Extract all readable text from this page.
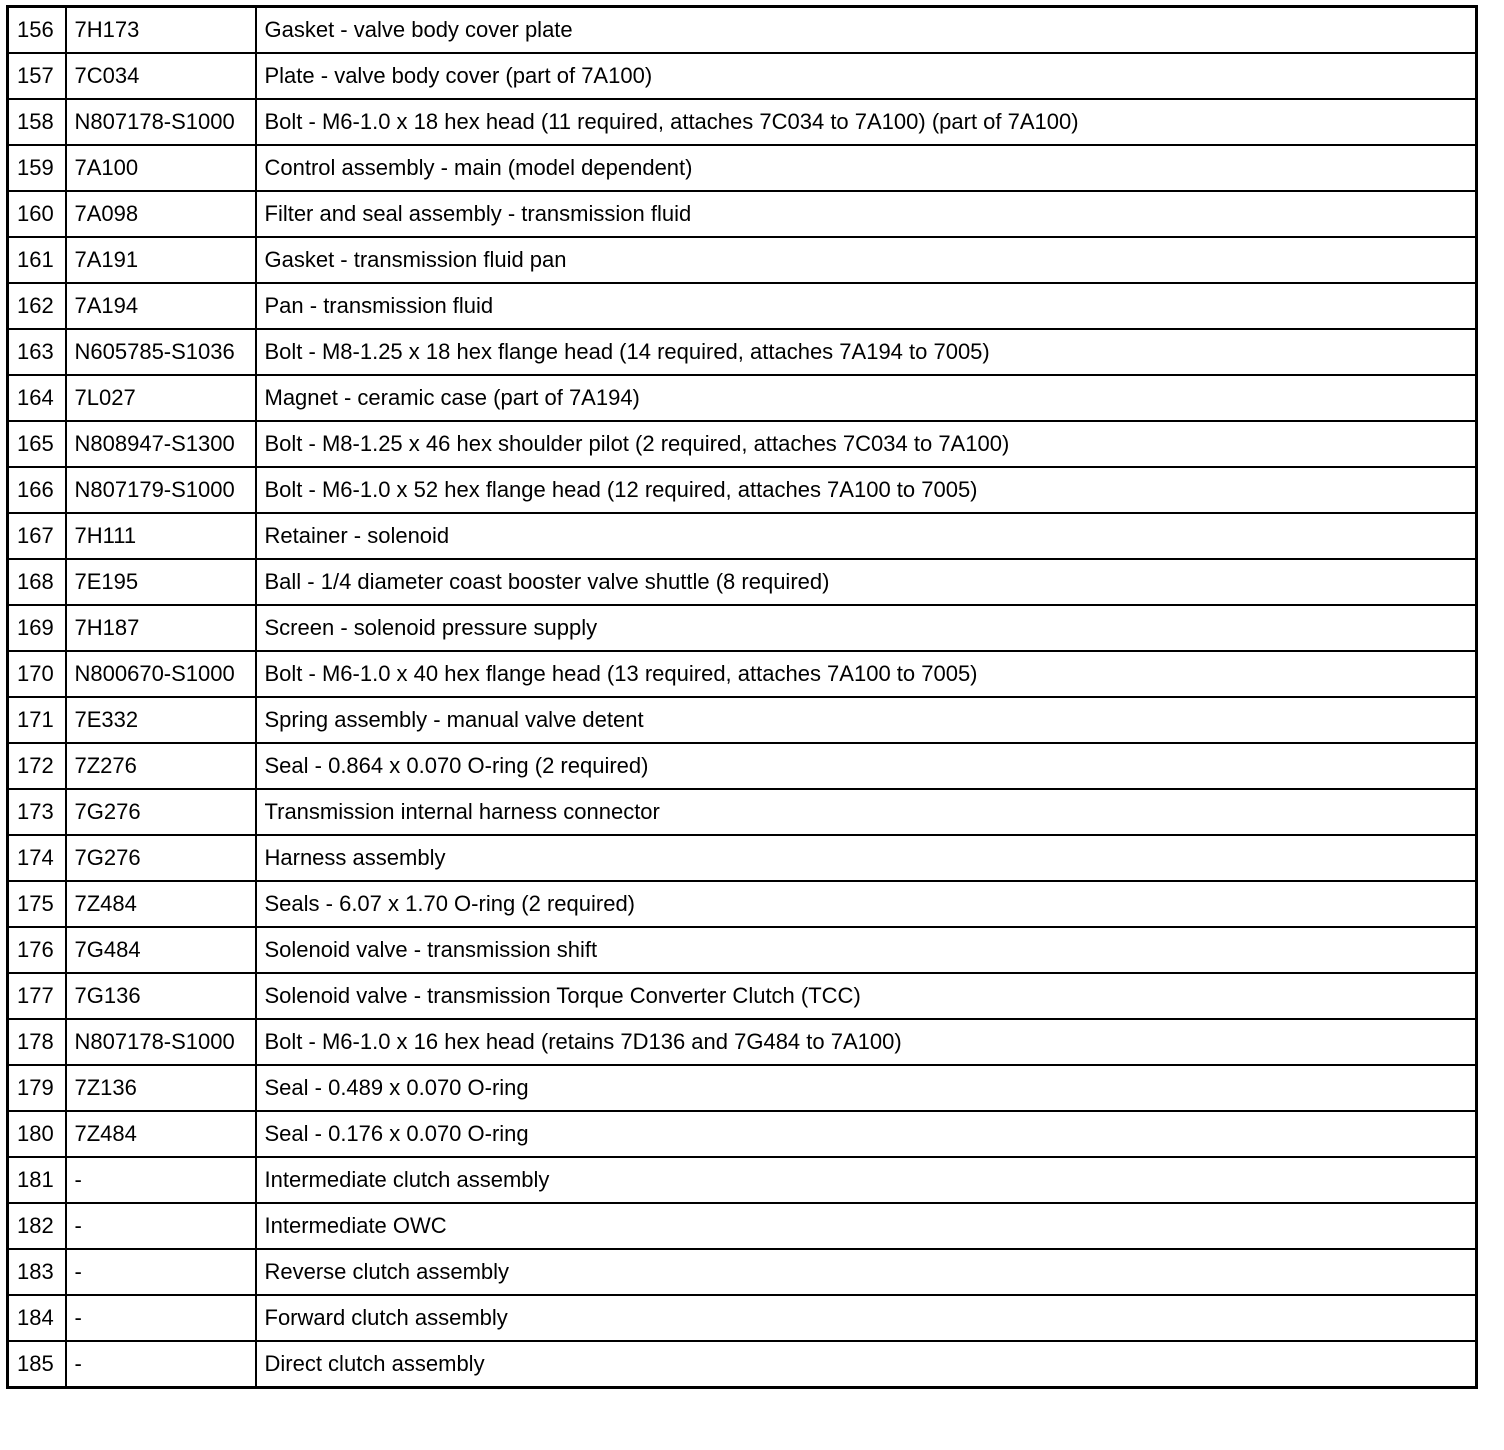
156	7H173	Gasket - valve body cover plate
157	7C034	Plate - valve body cover (part of 7A100)
158	N807178-S1000	Bolt - M6-1.0 x 18 hex head (11 required, attaches 7C034 to 7A100) (part of 7A100)
159	7A100	Control assembly - main (model dependent)
160	7A098	Filter and seal assembly - transmission fluid
161	7A191	Gasket - transmission fluid pan
162	7A194	Pan - transmission fluid
163	N605785-S1036	Bolt - M8-1.25 x 18 hex flange head (14 required, attaches 7A194 to 7005)
164	7L027	Magnet - ceramic case (part of 7A194)
165	N808947-S1300	Bolt - M8-1.25 x 46 hex shoulder pilot (2 required, attaches 7C034 to 7A100)
166	N807179-S1000	Bolt - M6-1.0 x 52 hex flange head (12 required, attaches 7A100 to 7005)
167	7H111	Retainer - solenoid
168	7E195	Ball - 1/4 diameter coast booster valve shuttle (8 required)
169	7H187	Screen - solenoid pressure supply
170	N800670-S1000	Bolt - M6-1.0 x 40 hex flange head (13 required, attaches 7A100 to 7005)
171	7E332	Spring assembly - manual valve detent
172	7Z276	Seal - 0.864 x 0.070 O-ring (2 required)
173	7G276	Transmission internal harness connector
174	7G276	Harness assembly
175	7Z484	Seals - 6.07 x 1.70 O-ring (2 required)
176	7G484	Solenoid valve - transmission shift
177	7G136	Solenoid valve - transmission Torque Converter Clutch (TCC)
178	N807178-S1000	Bolt - M6-1.0 x 16 hex head (retains 7D136 and 7G484 to 7A100)
179	7Z136	Seal - 0.489 x 0.070 O-ring
180	7Z484	Seal - 0.176 x 0.070 O-ring
181	-	Intermediate clutch assembly
182	-	Intermediate OWC
183	-	Reverse clutch assembly
184	-	Forward clutch assembly
185	-	Direct clutch assembly
